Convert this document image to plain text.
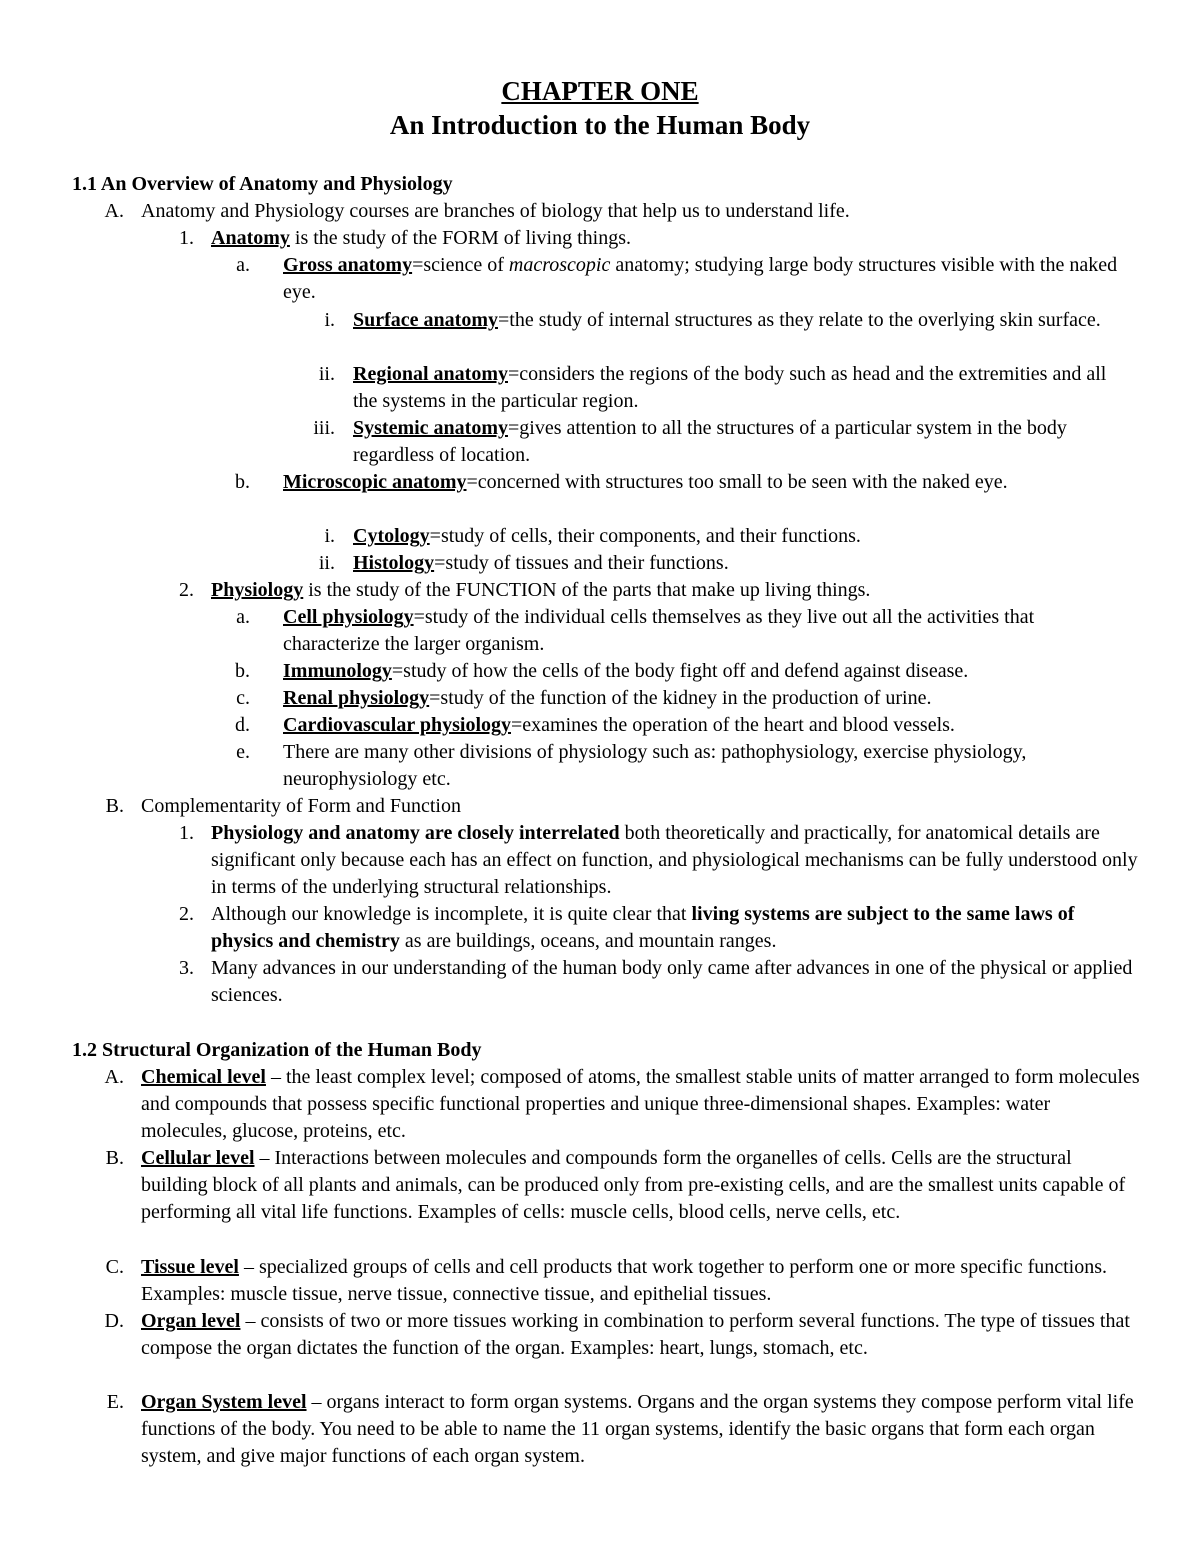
CHAPTER ONE
An Introduction to the Human Body
1.1 An Overview of Anatomy and Physiology
A. Anatomy and Physiology courses are branches of biology that help us to understand life.
1. Anatomy is the study of the FORM of living things.
a. Gross anatomy=science of macroscopic anatomy; studying large body structures visible with the naked eye.
i. Surface anatomy=the study of internal structures as they relate to the overlying skin surface.
ii. Regional anatomy=considers the regions of the body such as head and the extremities and all the systems in the particular region.
iii. Systemic anatomy=gives attention to all the structures of a particular system in the body regardless of location.
b. Microscopic anatomy=concerned with structures too small to be seen with the naked eye.
i. Cytology=study of cells, their components, and their functions.
ii. Histology=study of tissues and their functions.
2. Physiology is the study of the FUNCTION of the parts that make up living things.
a. Cell physiology=study of the individual cells themselves as they live out all the activities that characterize the larger organism.
b. Immunology=study of how the cells of the body fight off and defend against disease.
c. Renal physiology=study of the function of the kidney in the production of urine.
d. Cardiovascular physiology=examines the operation of the heart and blood vessels.
e. There are many other divisions of physiology such as: pathophysiology, exercise physiology, neurophysiology etc.
B. Complementarity of Form and Function
1. Physiology and anatomy are closely interrelated both theoretically and practically, for anatomical details are significant only because each has an effect on function, and physiological mechanisms can be fully understood only in terms of the underlying structural relationships.
2. Although our knowledge is incomplete, it is quite clear that living systems are subject to the same laws of physics and chemistry as are buildings, oceans, and mountain ranges.
3. Many advances in our understanding of the human body only came after advances in one of the physical or applied sciences.
1.2 Structural Organization of the Human Body
A. Chemical level – the least complex level; composed of atoms, the smallest stable units of matter arranged to form molecules and compounds that possess specific functional properties and unique three-dimensional shapes. Examples: water molecules, glucose, proteins, etc.
B. Cellular level – Interactions between molecules and compounds form the organelles of cells. Cells are the structural building block of all plants and animals, can be produced only from pre-existing cells, and are the smallest units capable of performing all vital life functions. Examples of cells: muscle cells, blood cells, nerve cells, etc.
C. Tissue level – specialized groups of cells and cell products that work together to perform one or more specific functions. Examples: muscle tissue, nerve tissue, connective tissue, and epithelial tissues.
D. Organ level – consists of two or more tissues working in combination to perform several functions. The type of tissues that compose the organ dictates the function of the organ. Examples: heart, lungs, stomach, etc.
E. Organ System level – organs interact to form organ systems. Organs and the organ systems they compose perform vital life functions of the body. You need to be able to name the 11 organ systems, identify the basic organs that form each organ system, and give major functions of each organ system.
